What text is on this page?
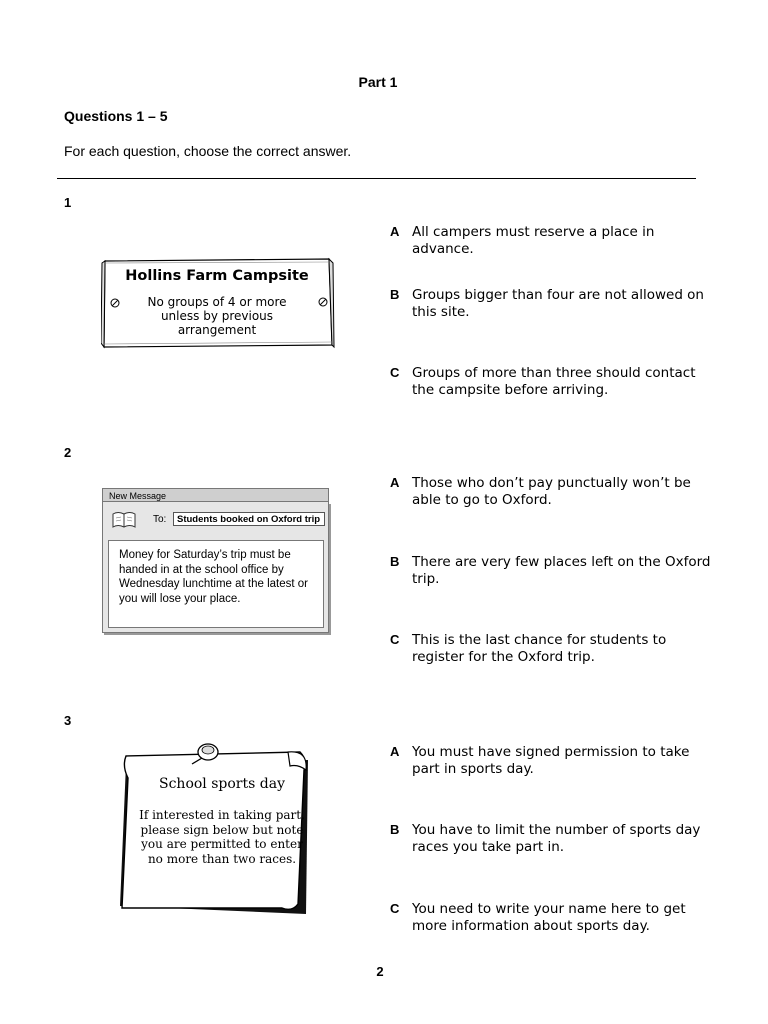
Part 1
Questions 1 – 5
For each question, choose the correct answer.
1
Hollins Farm Campsite
No groups of 4 or more unless by previous arrangement
A All campers must reserve a place in advance.
B Groups bigger than four are not allowed on this site.
C Groups of more than three should contact the campsite before arriving.
2
New Message
To:	Students booked on Oxford trip
Money for Saturday’s trip must be handed in at the school office by Wednesday lunchtime at the latest or you will lose your place.
A Those who don’t pay punctually won’t be able to go to Oxford.
B There are very few places left on the Oxford trip.
C This is the last chance for students to register for the Oxford trip.
3
School sports day
If interested in taking part, please sign below but note you are permitted to enter no more than two races.
A You must have signed permission to take part in sports day.
B You have to limit the number of sports day races you take part in.
C You need to write your name here to get more information about sports day.
2
